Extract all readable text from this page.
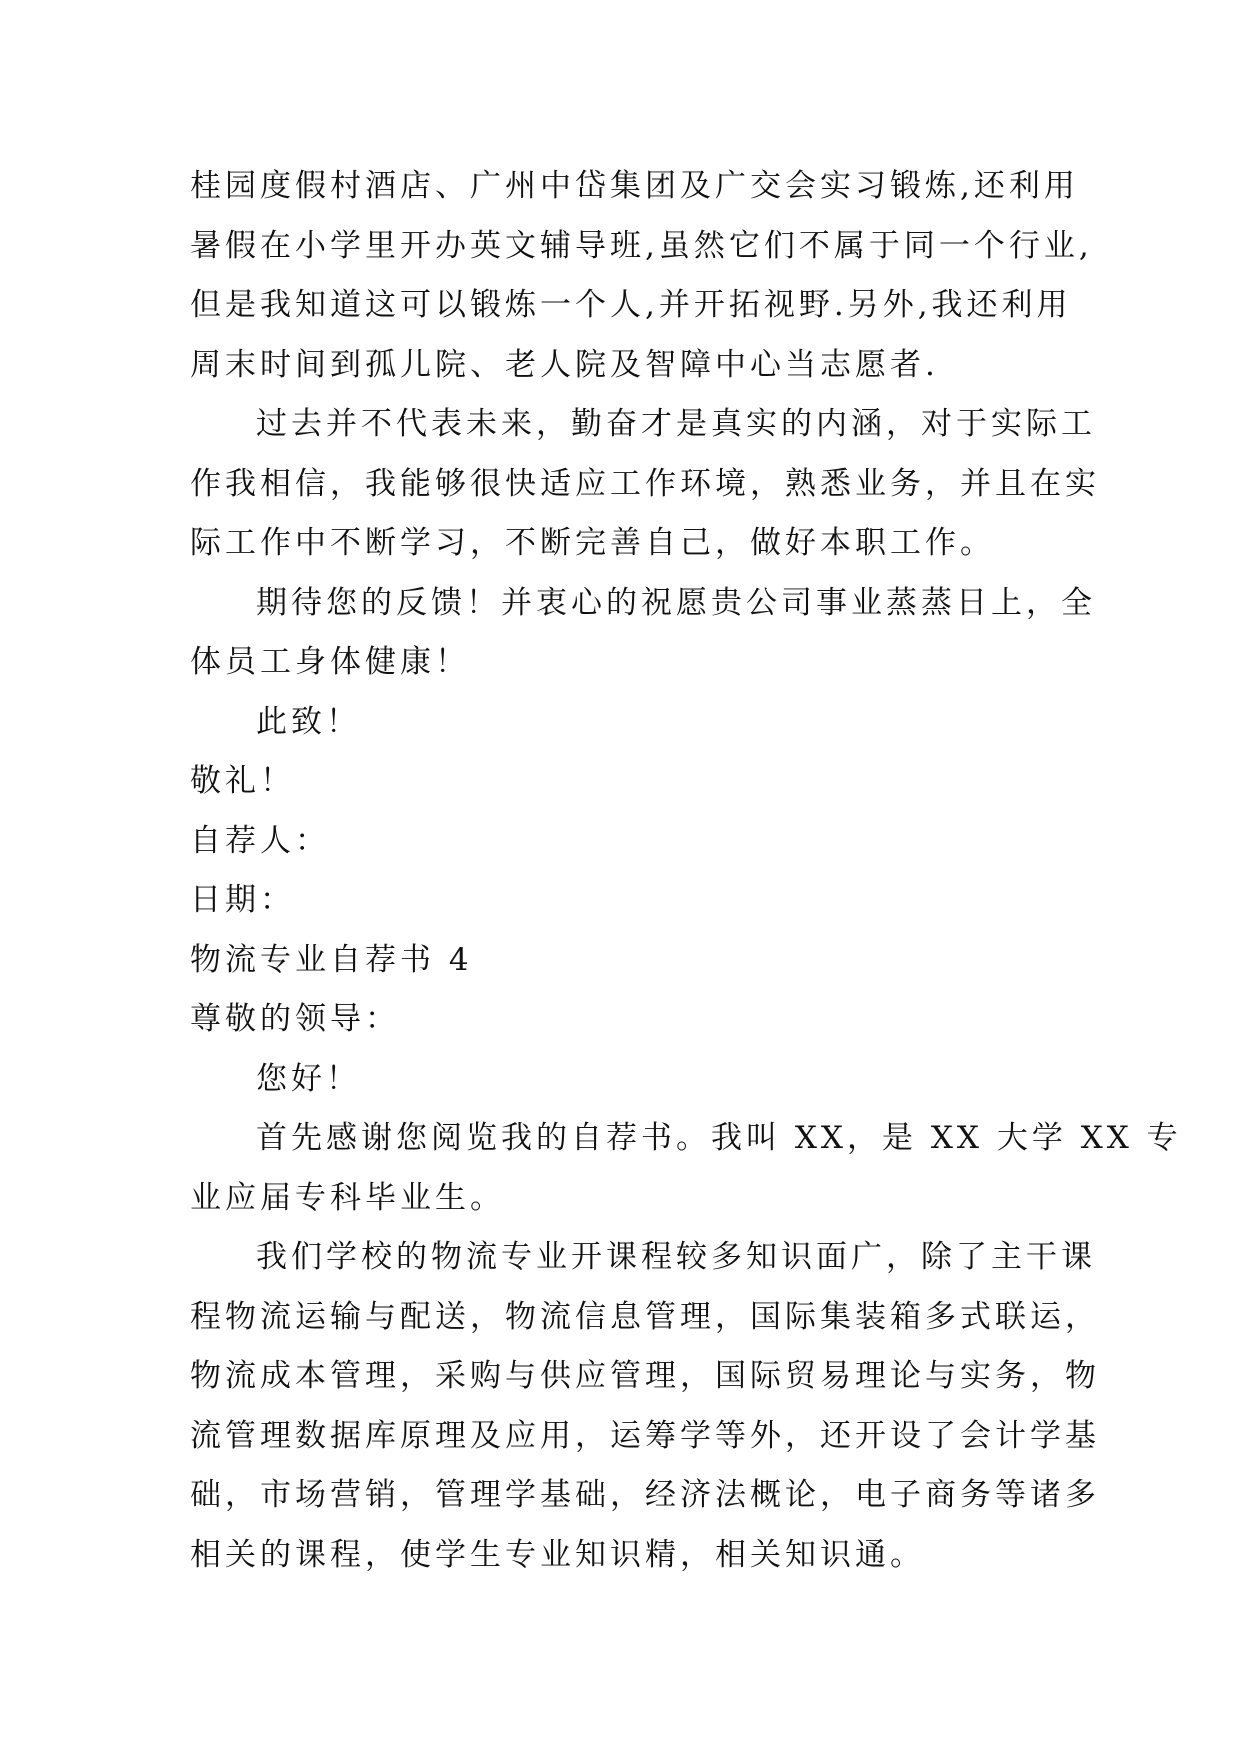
桂园度假村酒店、广州中岱集团及广交会实习锻炼,还利用
暑假在小学里开办英文辅导班,虽然它们不属于同一个行业,
但是我知道这可以锻炼一个人,并开拓视野.另外,我还利用
周末时间到孤儿院、老人院及智障中心当志愿者.
过去并不代表未来，勤奋才是真实的内涵，对于实际工
作我相信，我能够很快适应工作环境，熟悉业务，并且在实
际工作中不断学习，不断完善自己，做好本职工作。
期待您的反馈！并衷心的祝愿贵公司事业蒸蒸日上，全
体员工身体健康！
此致！
敬礼！
自荐人：
日期：
物流专业自荐书 4
尊敬的领导：
您好！
首先感谢您阅览我的自荐书。我叫 XX，是 XX 大学 XX 专
业应届专科毕业生。
我们学校的物流专业开课程较多知识面广，除了主干课
程物流运输与配送，物流信息管理，国际集装箱多式联运，
物流成本管理，采购与供应管理，国际贸易理论与实务，物
流管理数据库原理及应用，运筹学等外，还开设了会计学基
础，市场营销，管理学基础，经济法概论，电子商务等诸多
相关的课程，使学生专业知识精，相关知识通。
